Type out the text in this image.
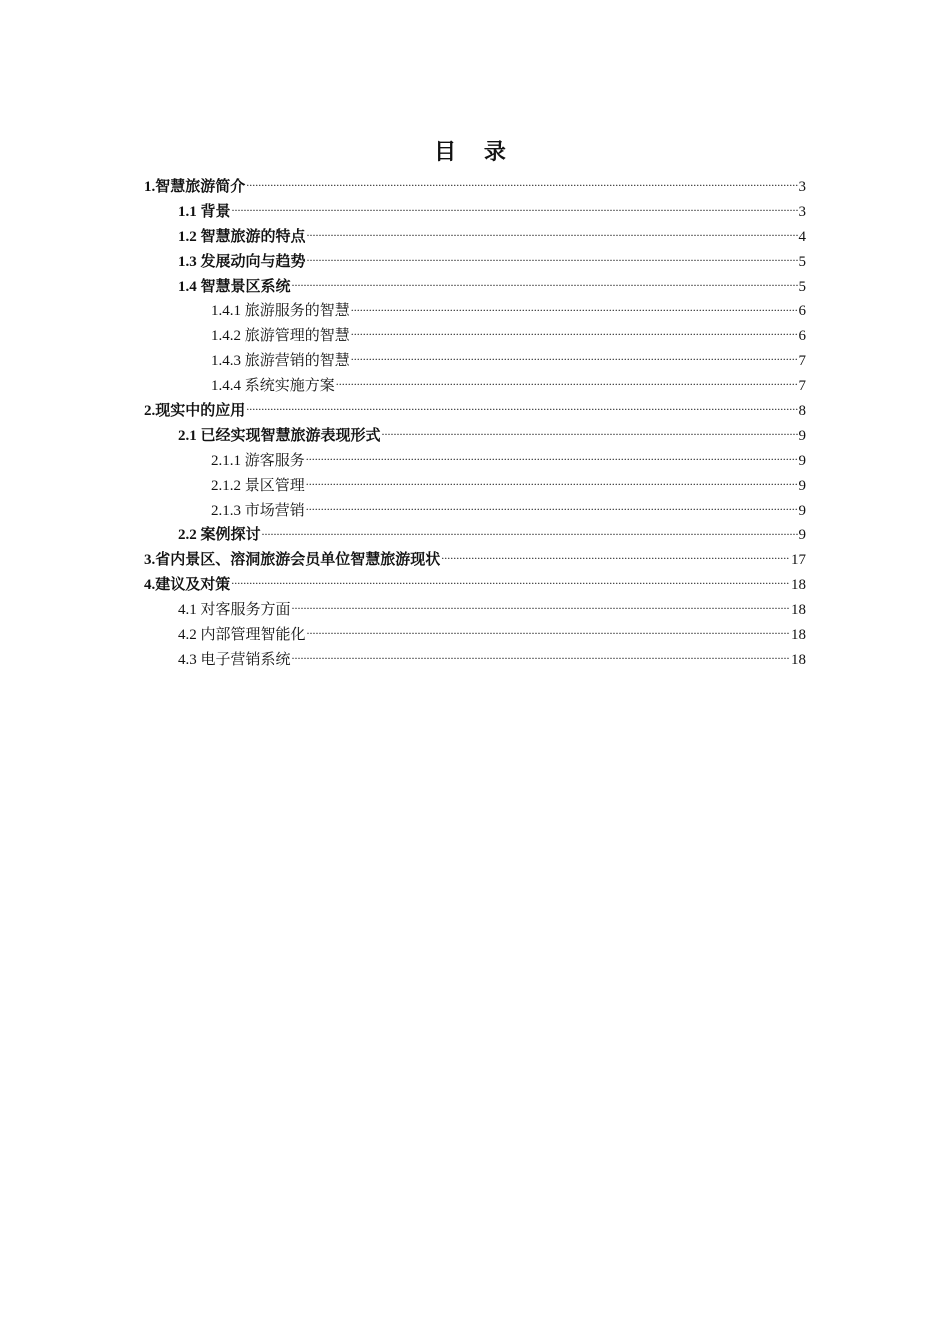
目 录
1.智慧旅游简介 .....	3
1.1 背景 .....	3
1.2 智慧旅游的特点 .....	4
1.3 发展动向与趋势 .....	5
1.4 智慧景区系统 .....	5
1.4.1 旅游服务的智慧 .....	6
1.4.2 旅游管理的智慧 .....	6
1.4.3 旅游营销的智慧 .....	7
1.4.4 系统实施方案 .....	7
2.现实中的应用 .....	8
2.1 已经实现智慧旅游表现形式 .....	9
2.1.1 游客服务 .....	9
2.1.2 景区管理 .....	9
2.1.3 市场营销 .....	9
2.2 案例探讨 .....	9
3.省内景区、溶洞旅游会员单位智慧旅游现状 .....	17
4.建议及对策 .....	18
4.1 对客服务方面 .....	18
4.2 内部管理智能化 .....	18
4.3 电子营销系统 .....	18
